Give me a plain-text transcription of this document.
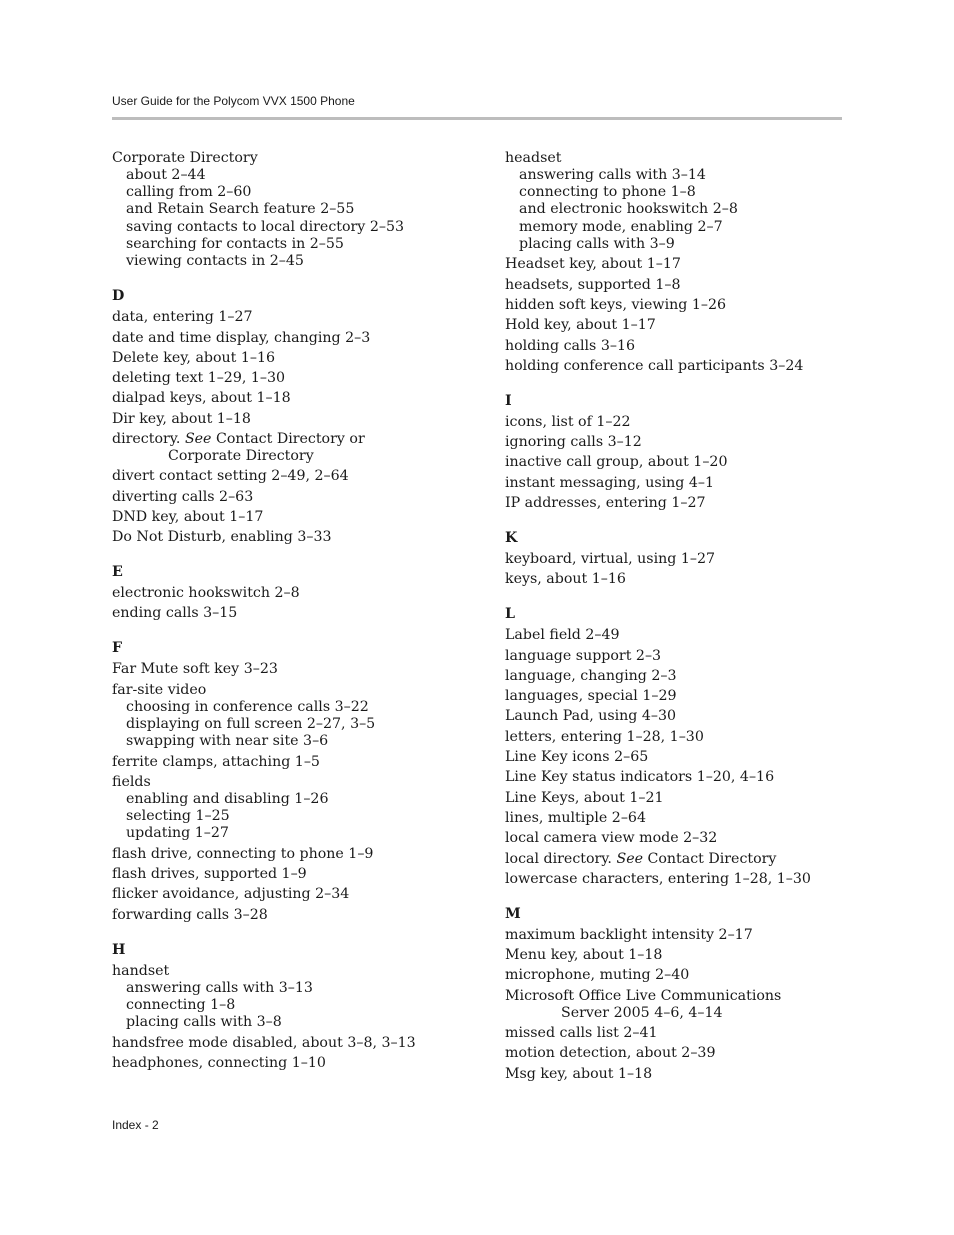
User Guide for the Polycom VVX 1500 Phone
Corporate Directory
about 2–44
calling from 2–60
and Retain Search feature 2–55
saving contacts to local directory 2–53
searching for contacts in 2–55
viewing contacts in 2–45
D
data, entering 1–27
date and time display, changing 2–3
Delete key, about 1–16
deleting text 1–29, 1–30
dialpad keys, about 1–18
Dir key, about 1–18
directory. See Contact Directory or
Corporate Directory
divert contact setting 2–49, 2–64
diverting calls 2–63
DND key, about 1–17
Do Not Disturb, enabling 3–33
E
electronic hookswitch 2–8
ending calls 3–15
F
Far Mute soft key 3–23
far-site video
choosing in conference calls 3–22
displaying on full screen 2–27, 3–5
swapping with near site 3–6
ferrite clamps, attaching 1–5
fields
enabling and disabling 1–26
selecting 1–25
updating 1–27
flash drive, connecting to phone 1–9
flash drives, supported 1–9
flicker avoidance, adjusting 2–34
forwarding calls 3–28
H
handset
answering calls with 3–13
connecting 1–8
placing calls with 3–8
handsfree mode disabled, about 3–8, 3–13
headphones, connecting 1–10
headset
answering calls with 3–14
connecting to phone 1–8
and electronic hookswitch 2–8
memory mode, enabling 2–7
placing calls with 3–9
Headset key, about 1–17
headsets, supported 1–8
hidden soft keys, viewing 1–26
Hold key, about 1–17
holding calls 3–16
holding conference call participants 3–24
I
icons, list of 1–22
ignoring calls 3–12
inactive call group, about 1–20
instant messaging, using 4–1
IP addresses, entering 1–27
K
keyboard, virtual, using 1–27
keys, about 1–16
L
Label field 2–49
language support 2–3
language, changing 2–3
languages, special 1–29
Launch Pad, using 4–30
letters, entering 1–28, 1–30
Line Key icons 2–65
Line Key status indicators 1–20, 4–16
Line Keys, about 1–21
lines, multiple 2–64
local camera view mode 2–32
local directory. See Contact Directory
lowercase characters, entering 1–28, 1–30
M
maximum backlight intensity 2–17
Menu key, about 1–18
microphone, muting 2–40
Microsoft Office Live Communications
Server 2005 4–6, 4–14
missed calls list 2–41
motion detection, about 2–39
Msg key, about 1–18
Index - 2
